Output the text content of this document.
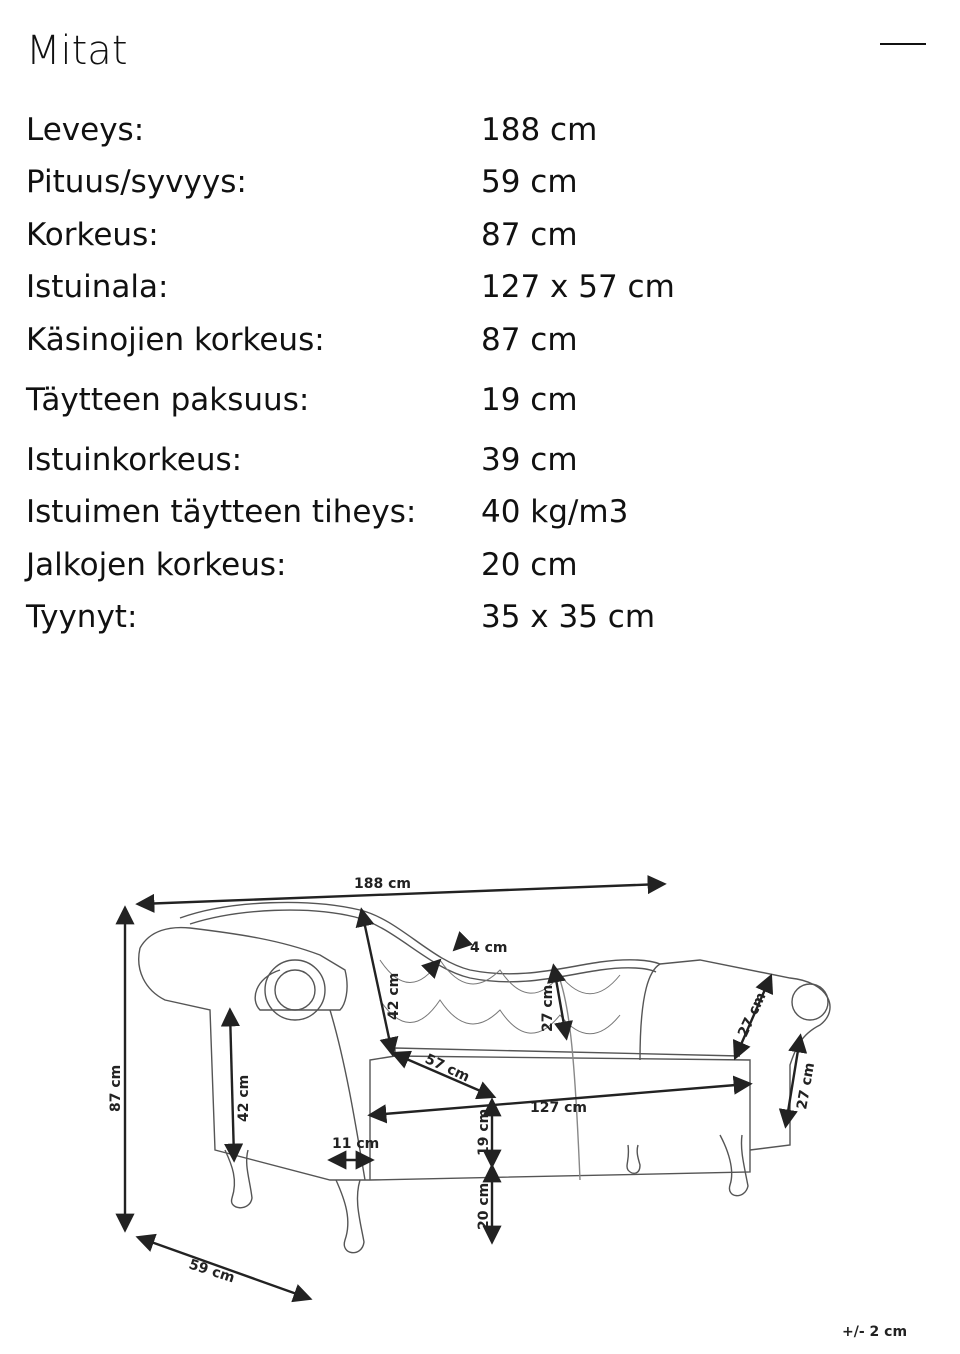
Mitat
Leveys:	188 cm
Pituus/syvyys:	59 cm
Korkeus:	87 cm
Istuinala:	127 x 57 cm
Käsinojien korkeus:	87 cm
Täytteen paksuus:	19 cm
Istuinkorkeus:	39 cm
Istuimen täytteen tiheys: 40 kg/m3
Jalkojen korkeus:	20 cm
Tyynyt:	35 x 35 cm
188 cm
4 cm
42 cm	27 cm	27 cm
27 cm
87 cm	42 cm
57 cm
127 cm
11 cm	19 cm
20 cm
59 cm
+/- 2 cm
